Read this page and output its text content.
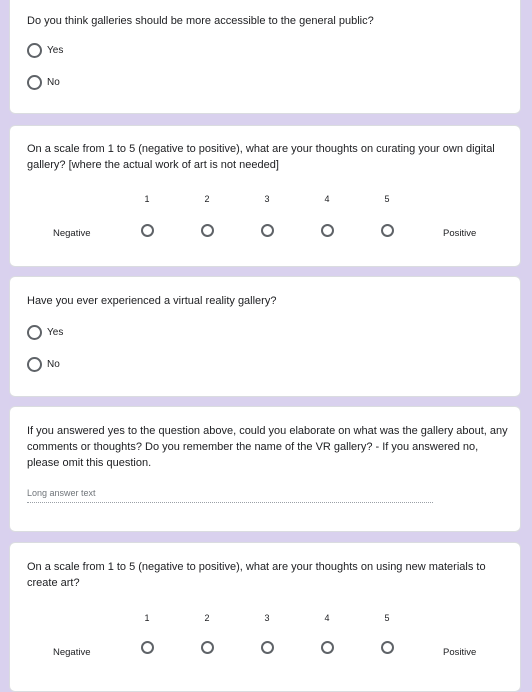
Do you think galleries should be more accessible to the general public?
Yes
No
On a scale from 1 to 5 (negative to positive), what are your thoughts on curating your own digital gallery? [where the actual work of art is not needed]
1	2	3	4	5
Negative	Positive
Have you ever experienced a virtual reality gallery?
Yes
No
If you answered yes to the question above, could you elaborate on what was the gallery about, any comments or thoughts? Do you remember the name of the VR gallery? - If you answered no, please omit this question.
Long answer text
On a scale from 1 to 5 (negative to positive), what are your thoughts on using new materials to create art?
1	2	3	4	5
Negative	Positive
